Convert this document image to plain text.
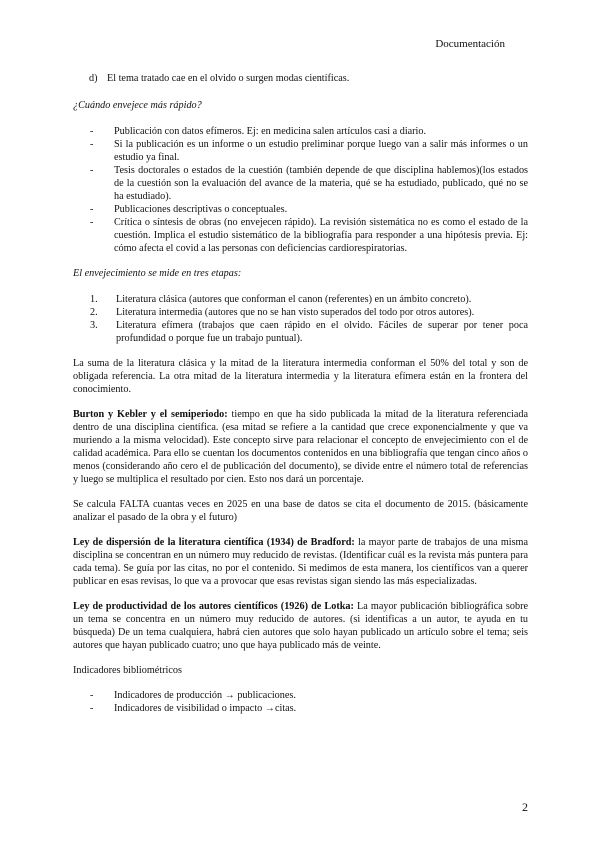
Documentación
d) El tema tratado cae en el olvido o surgen modas científicas.

¿Cuándo envejece más rápido?

-	Publicación con datos efímeros. Ej: en medicina salen artículos casi a diario.
-	Si la publicación es un informe o un estudio preliminar porque luego van a salir más informes o un estudio ya final.
-	Tesis doctorales o estados de la cuestión (también depende de que disciplina hablemos)(los estados de la cuestión son la evaluación del avance de la materia, qué se ha estudiado, publicado, qué no se ha estudiado).
-	Publicaciones descriptivas o conceptuales.
-	Crítica o síntesis de obras (no envejecen rápido). La revisión sistemática no es como el estado de la cuestión. Implica el estudio sistemático de la bibliografía para responder a una hipótesis previa. Ej: cómo afecta el covid a las personas con deficiencias cardiorespiratorias.

El envejecimiento se mide en tres etapas:

1.	Literatura clásica (autores que conforman el canon (referentes) en un ámbito concreto).
2.	Literatura intermedia (autores que no se han visto superados del todo por otros autores).
3.	Literatura efímera (trabajos que caen rápido en el olvido. Fáciles de superar por tener poca profundidad o porque fue un trabajo puntual).

La suma de la literatura clásica y la mitad de la literatura intermedia conforman el 50% del total y son de obligada referencia. La otra mitad de la literatura intermedia y la literatura efímera están en la frontera del conocimiento.

Burton y Kebler y el semiperiodo: tiempo en que ha sido publicada la mitad de la literatura referenciada dentro de una disciplina científica. (esa mitad se refiere a la cantidad que crece exponencialmente y que va muriendo a la misma velocidad). Este concepto sirve para relacionar el concepto de envejecimiento con el de calidad académica. Para ello se cuentan los documentos contenidos en una bibliografía que tengan cinco años o menos (considerando año cero el de publicación del documento), se divide entre el número total de referencias y luego se multiplica el resultado por cien. Esto nos dará un porcentaje.

Se calcula FALTA cuantas veces en 2025 en una base de datos se cita el documento de 2015. (básicamente analizar el pasado de la obra y el futuro)

Ley de dispersión de la literatura científica (1934) de Bradford: la mayor parte de trabajos de una misma disciplina se concentran en un número muy reducido de revistas. (Identificar cuál es la revista más puntera para cada tema). Se guía por las citas, no por el contenido. Si medimos de esta manera, los científicos van a querer publicar en esas revisas, lo que va a provocar que esas revistas sigan siendo las más especializadas.

Ley de productividad de los autores científicos (1926) de Lotka: La mayor publicación bibliográfica sobre un tema se concentra en un número muy reducido de autores. (si identificas a un autor, te ayuda en tu búsqueda) De un tema cualquiera, habrá cien autores que solo hayan publicado un artículo sobre el tema; seis autores que hayan publicado cuatro; uno que haya publicado más de veinte.

Indicadores bibliométricos

-	Indicadores de producción → publicaciones.
-	Indicadores de visibilidad o impacto →citas.
2
